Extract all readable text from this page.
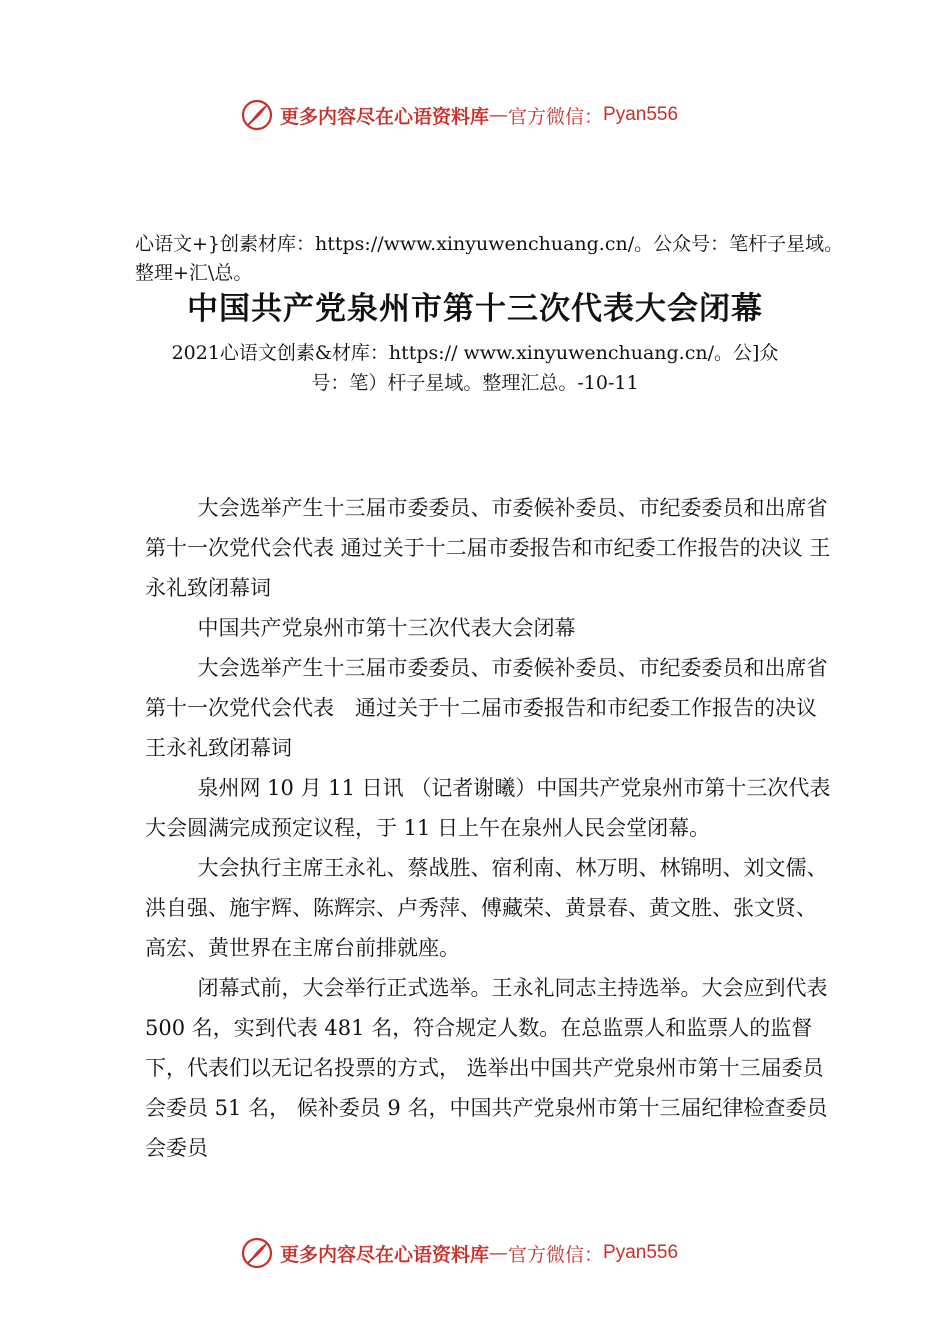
更多内容尽在心语资料库 — 官方微信： Pyan556
心语文+}创素材库：https://www.xinyuwenchuang.cn/。公众号：笔杆子星域。整理+汇\总。
中国共产党泉州市第十三次代表大会闭幕
2021心语文创素&材库：https:// www.xinyuwenchuang.cn/。公]众号：笔）杆子星域。整理汇总。-10-11

大会选举产生十三届市委委员、市委候补委员、市纪委委员和出席省第十一次党代会代表 通过关于十二届市委报告和市纪委工作报告的决议 王永礼致闭幕词

中国共产党泉州市第十三次代表大会闭幕

大会选举产生十三届市委委员、市委候补委员、市纪委委员和出席省第十一次党代会代表　通过关于十二届市委报告和市纪委工作报告的决议 王永礼致闭幕词

泉州网 10 月 11 日讯 （记者谢曦）中国共产党泉州市第十三次代表大会圆满完成预定议程，于 11 日上午在泉州人民会堂闭幕。

大会执行主席王永礼、蔡战胜、宿利南、林万明、林锦明、刘文儒、洪自强、施宇辉、陈辉宗、卢秀萍、傅藏荣、黄景春、黄文胜、张文贤、高宏、黄世界在主席台前排就座。

闭幕式前，大会举行正式选举。王永礼同志主持选举。大会应到代表 500 名，实到代表 481 名，符合规定人数。在总监票人和监票人的监督下，代表们以无记名投票的方式， 选举出中国共产党泉州市第十三届委员会委员 51 名， 候补委员 9 名，中国共产党泉州市第十三届纪律检查委员会委员

更多内容尽在心语资料库 — 官方微信： Pyan556
